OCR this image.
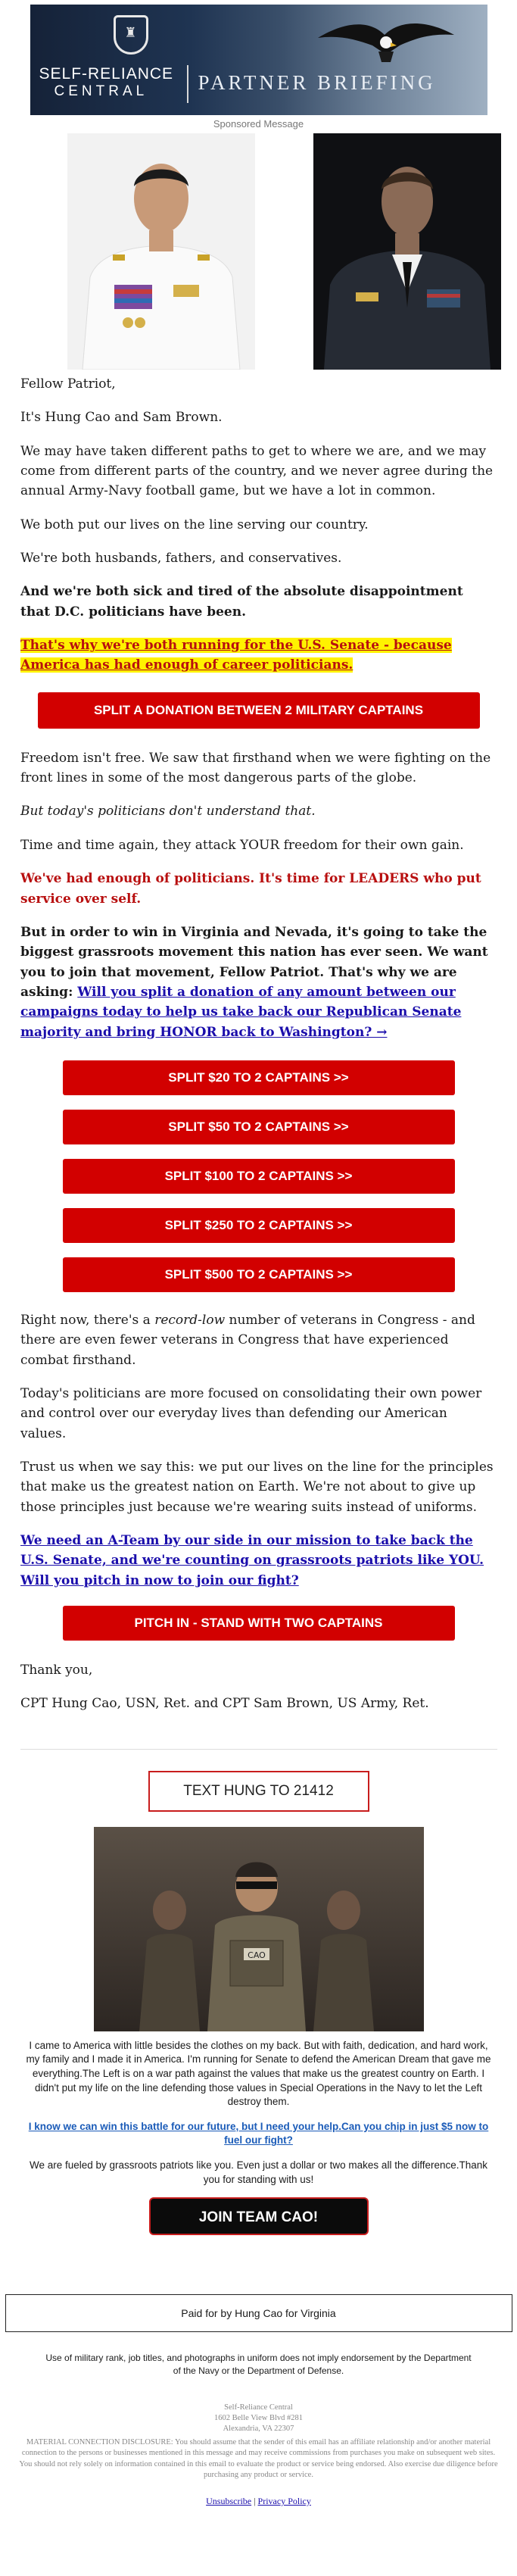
♜
SELF-RELIANCE
CENTRAL PARTNER BRIEFING
Sponsored Message

Fellow Patriot,

It's Hung Cao and Sam Brown.

We may have taken different paths to get to where we are, and we may come from different parts of the country, and we never agree during the annual Army-Navy football game, but we have a lot in common.

We both put our lives on the line serving our country.

We're both husbands, fathers, and conservatives.

And we're both sick and tired of the absolute disappointment that D.C. politicians have been.

That's why we're both running for the U.S. Senate - because America has had enough of career politicians.

SPLIT A DONATION BETWEEN 2 MILITARY CAPTAINS

Freedom isn't free. We saw that firsthand when we were fighting on the front lines in some of the most dangerous parts of the globe.

But today's politicians don't understand that.

Time and time again, they attack YOUR freedom for their own gain.

We've had enough of politicians. It's time for LEADERS who put service over self.

But in order to win in Virginia and Nevada, it's going to take the biggest grassroots movement this nation has ever seen. We want you to join that movement, Fellow Patriot. That's why we are asking: Will you split a donation of any amount between our campaigns today to help us take back our Republican Senate majority and bring HONOR back to Washington? →

SPLIT $20 TO 2 CAPTAINS >>
SPLIT $50 TO 2 CAPTAINS >>
SPLIT $100 TO 2 CAPTAINS >>
SPLIT $250 TO 2 CAPTAINS >>
SPLIT $500 TO 2 CAPTAINS >>

Right now, there's a record-low number of veterans in Congress - and there are even fewer veterans in Congress that have experienced combat firsthand.

Today's politicians are more focused on consolidating their own power and control over our everyday lives than defending our American values.

Trust us when we say this: we put our lives on the line for the principles that make us the greatest nation on Earth. We're not about to give up those principles just because we're wearing suits instead of uniforms.

We need an A-Team by our side in our mission to take back the U.S. Senate, and we're counting on grassroots patriots like YOU. Will you pitch in now to join our fight?

PITCH IN - STAND WITH TWO CAPTAINS

Thank you,

CPT Hung Cao, USN, Ret. and CPT Sam Brown, US Army, Ret.

TEXT HUNG TO 21412
CAO

I came to America with little besides the clothes on my back. But with faith, dedication, and hard work, my family and I made it in America. I'm running for Senate to defend the American Dream that gave me everything.The Left is on a war path against the values that make us the greatest country on Earth. I didn't put my life on the line defending those values in Special Operations in the Navy to let the Left destroy them.

I know we can win this battle for our future, but I need your help.Can you chip in just $5 now to fuel our fight?

We are fueled by grassroots patriots like you. Even just a dollar or two makes all the difference.Thank you for standing with us!

JOIN TEAM CAO!
Paid for by Hung Cao for Virginia
Use of military rank, job titles, and photographs in uniform does not imply endorsement by the Department of the Navy or the Department of Defense.
Self-Reliance Central
1602 Belle View Blvd #281
Alexandria, VA 22307
MATERIAL CONNECTION DISCLOSURE: You should assume that the sender of this email has an affiliate relationship and/or another material connection to the persons or businesses mentioned in this message and may receive commissions from purchases you make on subsequent web sites. You should not rely solely on information contained in this email to evaluate the product or service being endorsed. Also exercise due diligence before purchasing any product or service.
Unsubscribe | Privacy Policy
